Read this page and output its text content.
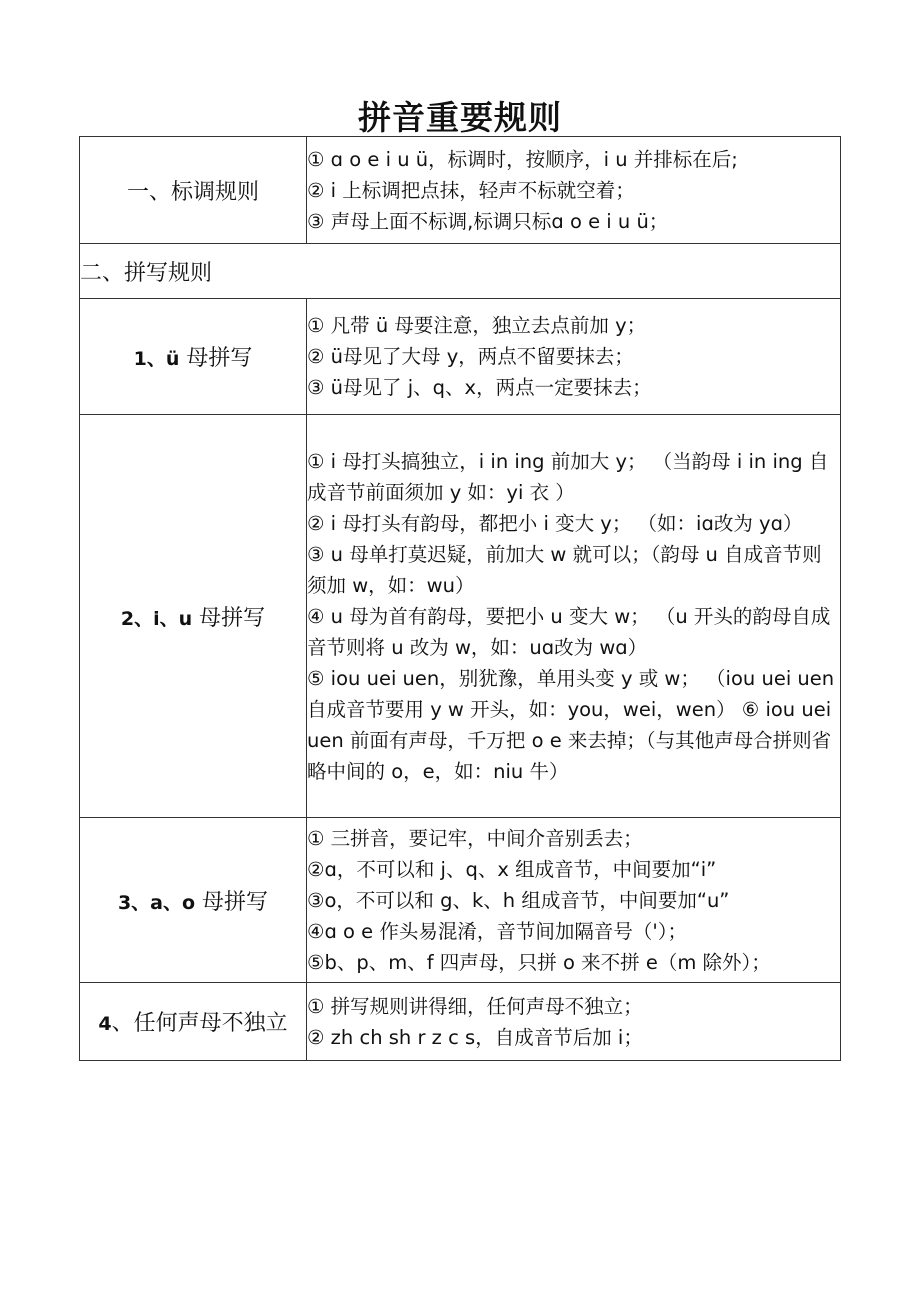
拼音重要规则
一、标调规则	① ɑ o e i u ü，标调时，按顺序，i u 并排标在后;
② i 上标调把点抹，轻声不标就空着；
③ 声母上面不标调,标调只标ɑ o e i u ü；

二、拼写规则	
1、ü 母拼写	① 凡带 ü 母要注意，独立去点前加 y；
② ü母见了大母 y，两点不留要抹去；
③ ü母见了 j、q、x，两点一定要抹去；

2、i、u 母拼写	① i 母打头搞独立，i in ing 前加大 y； （当韵母 i in ing 自成音节前面须加 y 如：yi 衣 ）
② i 母打头有韵母，都把小 i 变大 y； （如：iɑ改为 yɑ）
③ u 母单打莫迟疑，前加大 w 就可以；（韵母 u 自成音节则须加 w，如：wu）
④ u 母为首有韵母，要把小 u 变大 w； （u 开头的韵母自成音节则将 u 改为 w，如：uɑ改为 wɑ）
⑤ iou uei uen，别犹豫，单用头变 y 或 w； （iou uei uen 自成音节要用 y w 开头，如：you，wei，wen） ⑥ iou uei uen 前面有声母，千万把 o e 来去掉；（与其他声母合拼则省略中间的 o，e，如：niu 牛）

3、a、o 母拼写	① 三拼音，要记牢，中间介音别丢去；
②ɑ，不可以和 j、q、x 组成音节，中间要加“i”
③o，不可以和 g、k、h 组成音节，中间要加“u”
④ɑ o e 作头易混淆，音节间加隔音号（'）；
⑤b、p、m、f 四声母，只拼 o 来不拼 e（m 除外）；

4、任何声母不独立	① 拼写规则讲得细，任何声母不独立；
② zh ch sh r z c s，自成音节后加 i；
